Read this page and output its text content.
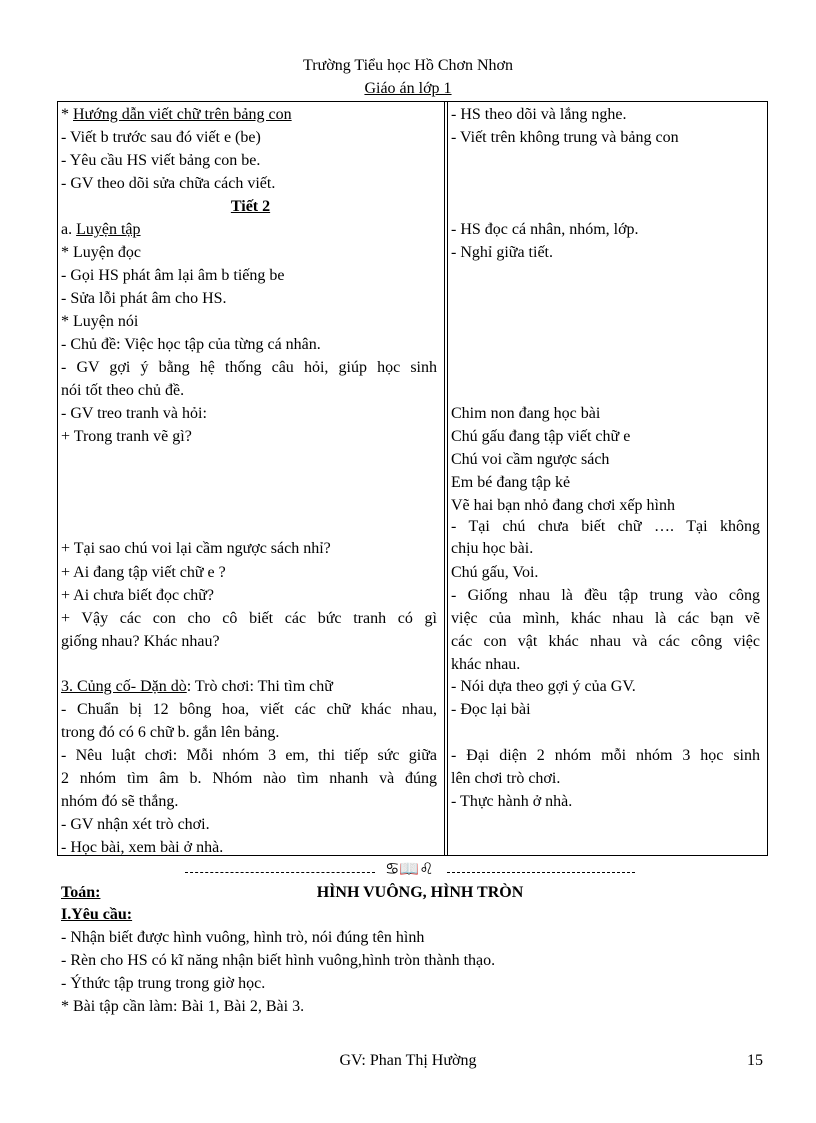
Trường Tiểu học Hồ Chơn Nhơn
Giáo án lớp 1
* Hướng dẫn viết chữ trên bảng con
- Viết b trước sau đó viết e (be)
- Yêu cầu HS viết bảng con be.
- GV theo dõi sửa chữa cách viết.
Tiết 2
a. Luyện tập
* Luyện đọc
- Gọi HS phát âm lại âm b tiếng be
- Sửa lỗi phát âm cho HS.
* Luyện nói
- Chủ đề: Việc học tập của từng cá nhân.
- GV gợi ý bằng hệ thống câu hỏi, giúp học sinh
nói tốt theo chủ đề.
- GV treo tranh và hỏi:
+ Trong tranh vẽ gì?
+ Tại sao chú voi lại cầm ngược sách nhỉ?
+ Ai đang tập viết chữ e ?
+ Ai chưa biết đọc chữ?
+ Vậy các con cho cô biết các bức tranh có gì
giống nhau? Khác nhau?
3. Củng cố- Dặn dò: Trò chơi: Thi tìm chữ
- Chuẩn bị 12 bông hoa, viết các chữ khác nhau,
trong đó có 6 chữ b. gắn lên bảng.
- Nêu luật chơi: Mỗi nhóm 3 em, thi tiếp sức giữa
2 nhóm tìm âm b. Nhóm nào tìm nhanh và đúng
nhóm đó sẽ thắng.
- GV nhận xét trò chơi.
- Học bài, xem bài ở nhà.
- HS theo dõi và lắng nghe.
- Viết trên không trung và bảng con
- HS đọc cá nhân, nhóm, lớp.
- Nghỉ giữa tiết.
Chim non đang học bài
Chú gấu đang tập viết chữ e
Chú voi cầm ngược sách
Em bé đang tập kẻ
Vẽ hai bạn nhỏ đang chơi xếp hình
- Tại chú chưa biết chữ …. Tại không
chịu học bài.
Chú gấu, Voi.
- Giống nhau là đều tập trung vào công
việc của mình, khác nhau là các bạn vẽ
các con vật khác nhau và các công việc
khác nhau.
- Nói dựa theo gợi ý của GV.
- Đọc lại bài
- Đại diện 2 nhóm mỗi nhóm 3 học sinh
lên chơi trò chơi.
- Thực hành ở nhà.
♋📖♌
Toán:	HÌNH VUÔNG, HÌNH TRÒN
I.Yêu cầu:
- Nhận biết được hình vuông, hình trò, nói đúng tên hình
- Rèn cho HS có kĩ năng nhận biết hình vuông,hình tròn thành thạo.
- Ýthức tập trung trong giờ học.
* Bài tập cần làm: Bài 1, Bài 2, Bài 3.
GV: Phan Thị Hường	15
